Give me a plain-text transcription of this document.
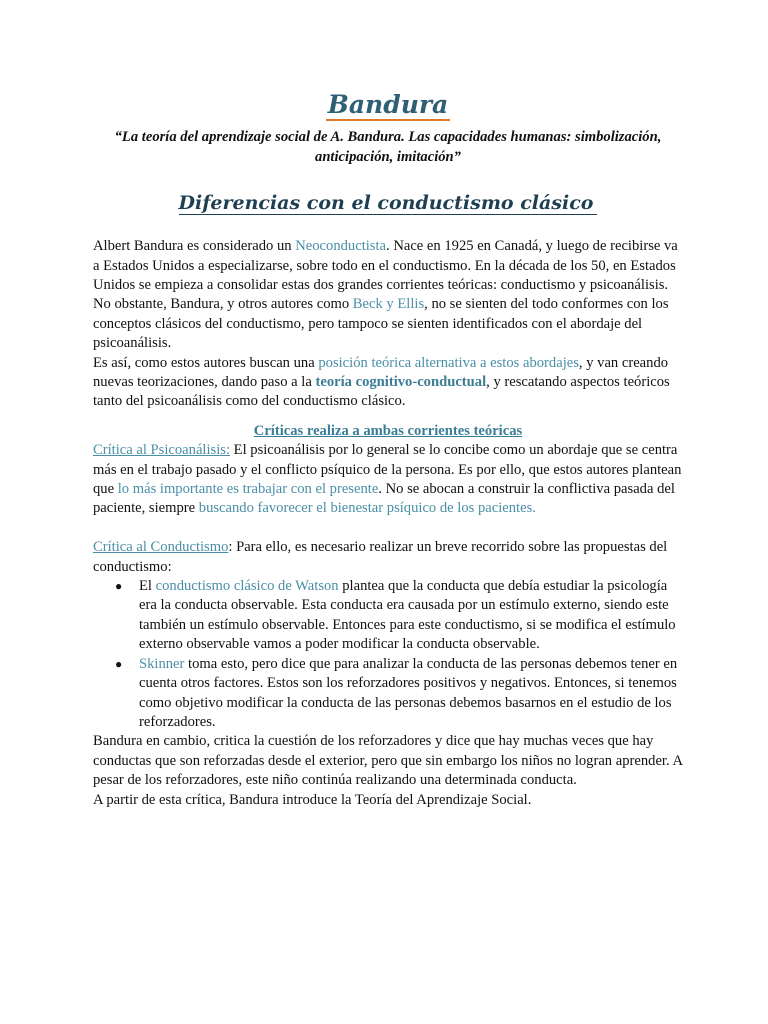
Bandura

“La teoría del aprendizaje social de A. Bandura. Las capacidades humanas: simbolización, anticipación, imitación”

Diferencias con el conductismo clásico

Albert Bandura es considerado un Neoconductista. Nace en 1925 en Canadá, y luego de recibirse va a Estados Unidos a especializarse, sobre todo en el conductismo. En la década de los 50, en Estados Unidos se empieza a consolidar estas dos grandes corrientes teóricas: conductismo y psicoanálisis.

No obstante, Bandura, y otros autores como Beck y Ellis, no se sienten del todo conformes con los conceptos clásicos del conductismo, pero tampoco se sienten identificados con el abordaje del psicoanálisis.

Es así, como estos autores buscan una posición teórica alternativa a estos abordajes, y van creando nuevas teorizaciones, dando paso a la teoría cognitivo-conductual, y rescatando aspectos teóricos tanto del psicoanálisis como del conductismo clásico.

Críticas realiza a ambas corrientes teóricas

Crítica al Psicoanálisis: El psicoanálisis por lo general se lo concibe como un abordaje que se centra más en el trabajo pasado y el conflicto psíquico de la persona. Es por ello, que estos autores plantean que lo más importante es trabajar con el presente. No se abocan a construir la conflictiva pasada del paciente, siempre buscando favorecer el bienestar psíquico de los pacientes.

Crítica al Conductismo: Para ello, es necesario realizar un breve recorrido sobre las propuestas del conductismo:

● El conductismo clásico de Watson plantea que la conducta que debía estudiar la psicología era la conducta observable. Esta conducta era causada por un estímulo externo, siendo este también un estímulo observable. Entonces para este conductismo, si se modifica el estímulo externo observable vamos a poder modificar la conducta observable.
● Skinner toma esto, pero dice que para analizar la conducta de las personas debemos tener en cuenta otros factores. Estos son los reforzadores positivos y negativos. Entonces, si tenemos como objetivo modificar la conducta de las personas debemos basarnos en el estudio de los reforzadores.

Bandura en cambio, critica la cuestión de los reforzadores y dice que hay muchas veces que hay conductas que son reforzadas desde el exterior, pero que sin embargo los niños no logran aprender. A pesar de los reforzadores, este niño continúa realizando una determinada conducta.

A partir de esta crítica, Bandura introduce la Teoría del Aprendizaje Social.
